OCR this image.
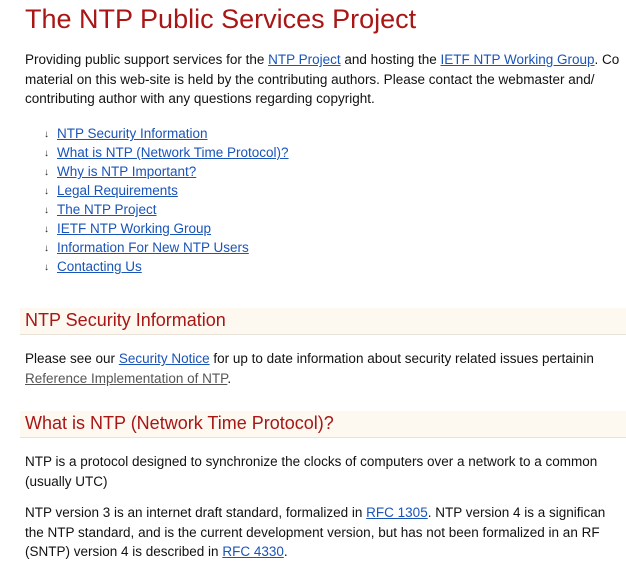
The NTP Public Services Project
Providing public support services for the NTP Project and hosting the IETF NTP Working Group. Co
material on this web-site is held by the contributing authors. Please contact the webmaster and/
contributing author with any questions regarding copyright.
↓ NTP Security Information
↓ What is NTP (Network Time Protocol)?
↓ Why is NTP Important?
↓ Legal Requirements
↓ The NTP Project
↓ IETF NTP Working Group
↓ Information For New NTP Users
↓ Contacting Us
NTP Security Information
Please see our Security Notice for up to date information about security related issues pertainin
Reference Implementation of NTP.
What is NTP (Network Time Protocol)?
NTP is a protocol designed to synchronize the clocks of computers over a network to a common
(usually UTC)
NTP version 3 is an internet draft standard, formalized in RFC 1305. NTP version 4 is a significan
the NTP standard, and is the current development version, but has not been formalized in an RF
(SNTP) version 4 is described in RFC 4330.
